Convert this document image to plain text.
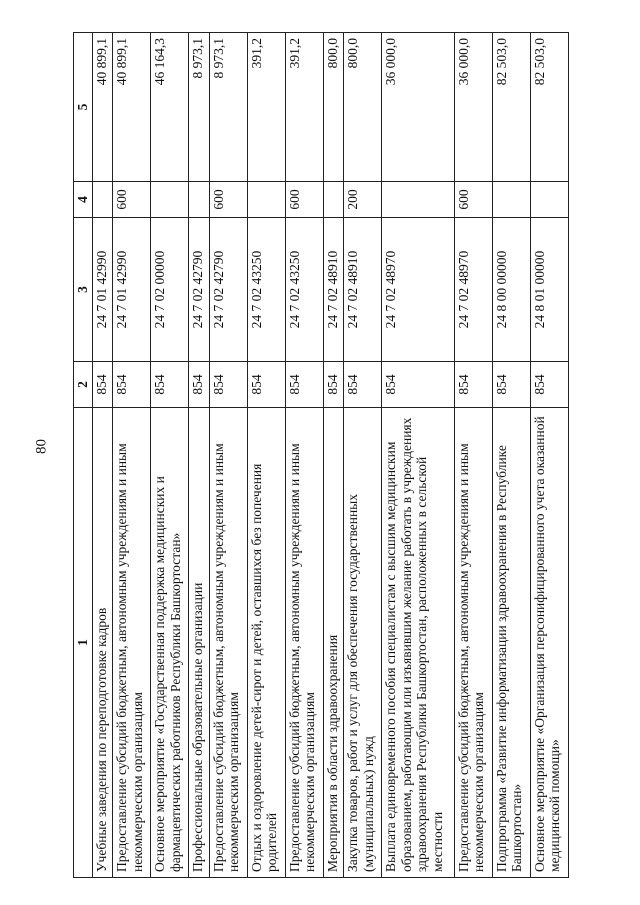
80
1	2	3	4	5
Учебные заведения по переподготовке кадров	854	24 7 01 42990		40 899,1
Предоставление субсидий бюджетным, автономным учреждениям и иным некоммерческим организациям	854	24 7 01 42990	600	40 899,1
Основное мероприятие «Государственная поддержка медицинских и фармацевтических работников Республики Башкортостан»	854	24 7 02 00000		46 164,3
Профессиональные образовательные организации	854	24 7 02 42790		8 973,1
Предоставление субсидий бюджетным, автономным учреждениям и иным некоммерческим организациям	854	24 7 02 42790	600	8 973,1
Отдых и оздоровление детей-сирот и детей, оставшихся без попечения родителей	854	24 7 02 43250		391,2
Предоставление субсидий бюджетным, автономным учреждениям и иным некоммерческим организациям	854	24 7 02 43250	600	391,2
Мероприятия в области здравоохранения	854	24 7 02 48910		800,0
Закупка товаров, работ и услуг для обеспечения государственных (муниципальных) нужд	854	24 7 02 48910	200	800,0
Выплата единовременного пособия специалистам с высшим медицинским образованием, работающим или изъявившим желание работать в учреждениях здравоохранения Республики Башкортостан, расположенных в сельской местности	854	24 7 02 48970		36 000,0
Предоставление субсидий бюджетным, автономным учреждениям и иным некоммерческим организациям	854	24 7 02 48970	600	36 000,0
Подпрограмма «Развитие информатизации здравоохранения в Республике Башкортостан»	854	24 8 00 00000		82 503,0
Основное мероприятие «Организация персонифицированного учета оказанной медицинской помощи»	854	24 8 01 00000		82 503,0
